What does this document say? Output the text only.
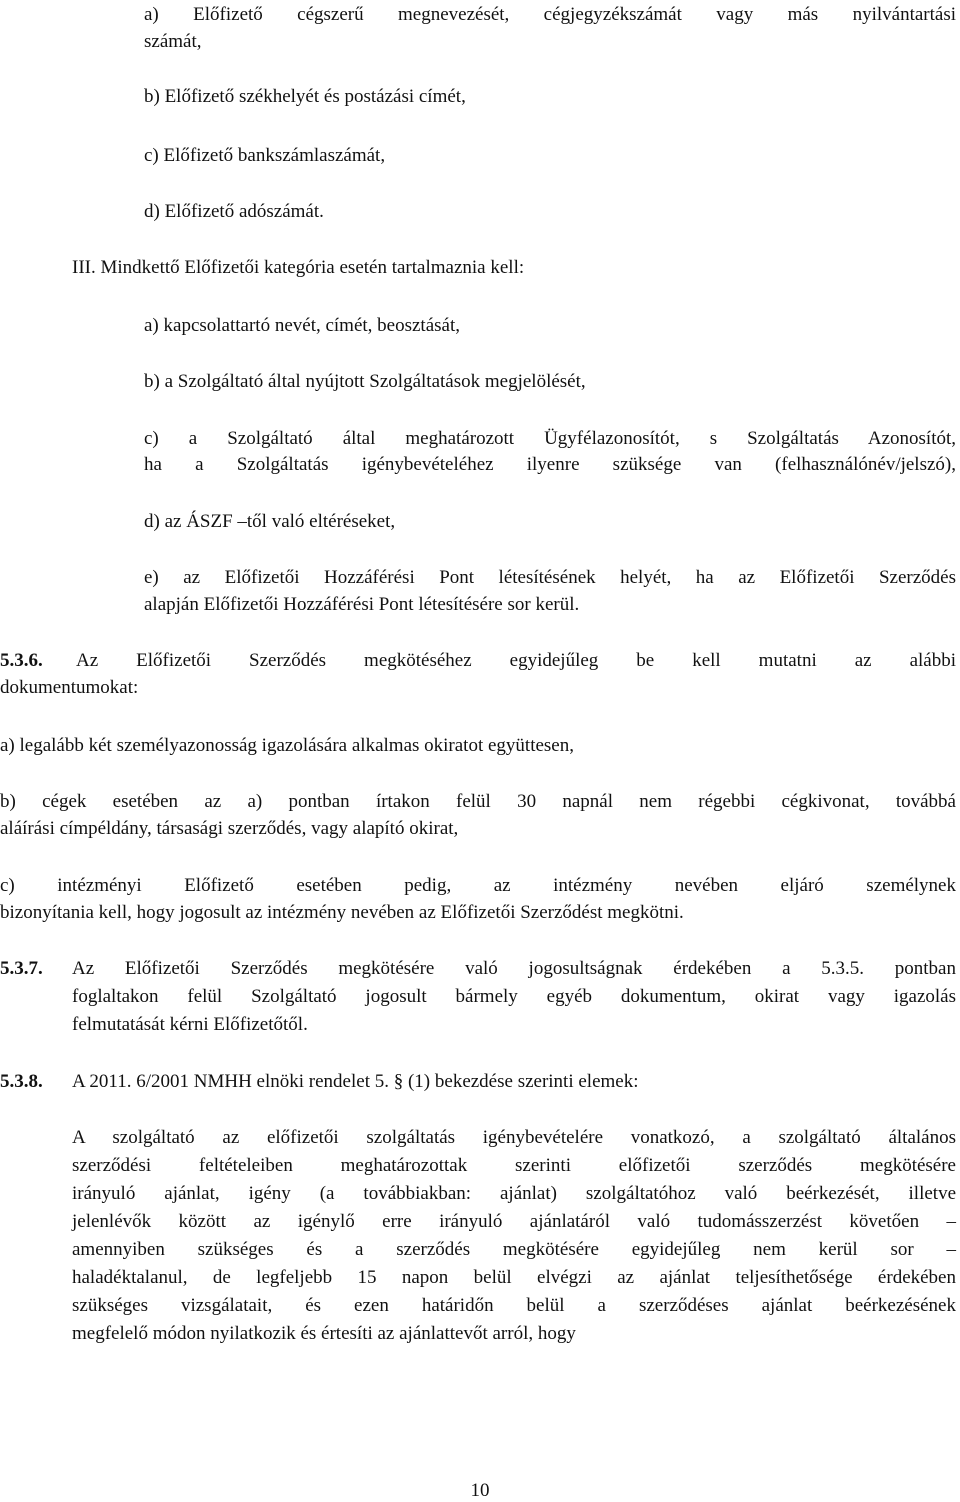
a) Előfizető cégszerű megnevezését, cégjegyzékszámát vagy más nyilvántartási
számát,
b) Előfizető székhelyét és postázási címét,
c) Előfizető bankszámlaszámát,
d) Előfizető adószámát.
III. Mindkettő Előfizetői kategória esetén tartalmaznia kell:
a) kapcsolattartó nevét, címét, beosztását,
b) a Szolgáltató által nyújtott Szolgáltatások megjelölését,
c) a Szolgáltató által meghatározott Ügyfélazonosítót, s Szolgáltatás Azonosítót,
ha a Szolgáltatás igénybevételéhez ilyenre szüksége van (felhasználónév/jelszó),
d) az ÁSZF –től való eltéréseket,
e) az Előfizetői Hozzáférési Pont létesítésének helyét, ha az Előfizetői Szerződés
alapján Előfizetői Hozzáférési Pont létesítésére sor kerül.
5.3.6. Az Előfizetői Szerződés megkötéséhez egyidejűleg be kell mutatni az alábbi
dokumentumokat:
a) legalább két személyazonosság igazolására alkalmas okiratot együttesen,
b) cégek esetében az a) pontban írtakon felül 30 napnál nem régebbi cégkivonat, továbbá
aláírási címpéldány, társasági szerződés, vagy alapító okirat,
c) intézményi Előfizető esetében pedig, az intézmény nevében eljáró személynek
bizonyítania kell, hogy jogosult az intézmény nevében az Előfizetői Szerződést megkötni.
5.3.7. Az Előfizetői Szerződés megkötésére való jogosultságnak érdekében a 5.3.5. pontban
foglaltakon felül Szolgáltató jogosult bármely egyéb dokumentum, okirat vagy igazolás
felmutatását kérni Előfizetőtől.
5.3.8. A 2011. 6/2001 NMHH elnöki rendelet 5. § (1) bekezdése szerinti elemek:
A szolgáltató az előfizetői szolgáltatás igénybevételére vonatkozó, a szolgáltató általános
szerződési feltételeiben meghatározottak szerinti előfizetői szerződés megkötésére
irányuló ajánlat, igény (a továbbiakban: ajánlat) szolgáltatóhoz való beérkezését, illetve
jelenlévők között az igénylő erre irányuló ajánlatáról való tudomásszerzést követően –
amennyiben szükséges és a szerződés megkötésére egyidejűleg nem kerül sor –
haladéktalanul, de legfeljebb 15 napon belül elvégzi az ajánlat teljesíthetősége érdekében
szükséges vizsgálatait, és ezen határidőn belül a szerződéses ajánlat beérkezésének
megfelelő módon nyilatkozik és értesíti az ajánlattevőt arról, hogy
10
